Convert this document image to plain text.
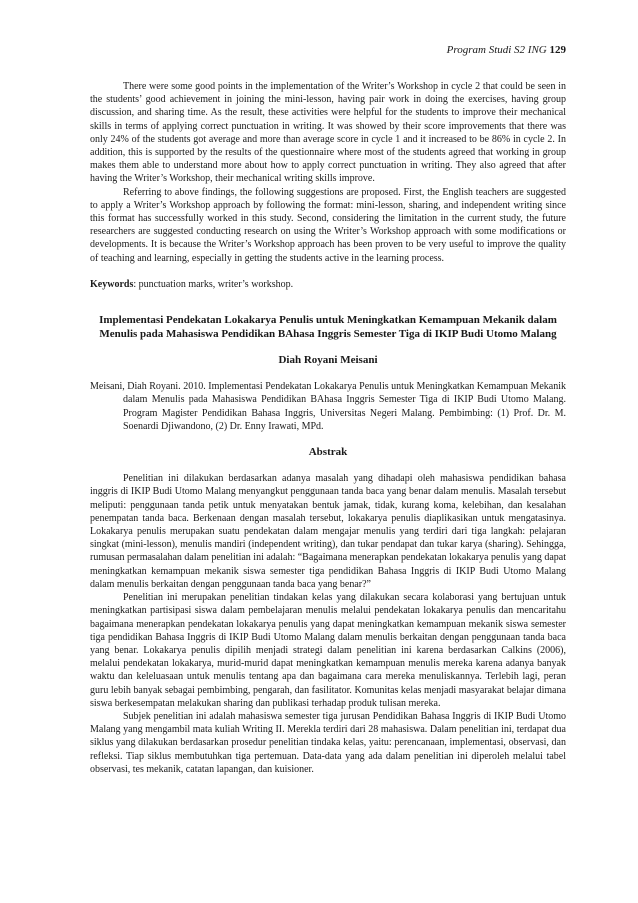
Program Studi S2 ING 129

There were some good points in the implementation of the Writer’s Workshop in cycle 2 that could be seen in the students’ good achievement in joining the mini-lesson, having pair work in doing the exercises, having group discussion, and sharing time. As the result, these activities were helpful for the students to improve their mechanical skills in terms of applying correct punctuation in writing. It was showed by their score improvements that there was only 24% of the students got average and more than average score in cycle 1 and it increased to be 86% in cycle 2. In addition, this is supported by the results of the questionnaire where most of the students agreed that working in group makes them able to understand more about how to apply correct punctuation in writing. They also agreed that after having the Writer’s Workshop, their mechanical writing skills improve.

Referring to above findings, the following suggestions are proposed. First, the English teachers are suggested to apply a Writer’s Workshop approach by following the format: mini-lesson, sharing, and independent writing since this format has successfully worked in this study. Second, considering the limitation in the current study, the future researchers are suggested conducting research on using the Writer’s Workshop approach with some modifications or developments. It is because the Writer’s Workshop approach has been proven to be very useful to improve the quality of teaching and learning, especially in getting the students active in the learning process.

Keywords: punctuation marks, writer’s workshop.

Implementasi Pendekatan Lokakarya Penulis untuk Meningkatkan Kemampuan Mekanik dalam Menulis pada Mahasiswa Pendidikan BAhasa Inggris Semester Tiga di IKIP Budi Utomo Malang

Diah Royani Meisani

Meisani, Diah Royani. 2010. Implementasi Pendekatan Lokakarya Penulis untuk Meningkatkan Kemampuan Mekanik dalam Menulis pada Mahasiswa Pendidikan BAhasa Inggris Semester Tiga di IKIP Budi Utomo Malang. Program Magister Pendidikan Bahasa Inggris, Universitas Negeri Malang. Pembimbing: (1) Prof. Dr. M. Soenardi Djiwandono, (2) Dr. Enny Irawati, MPd.

Abstrak

Penelitian ini dilakukan berdasarkan adanya masalah yang dihadapi oleh mahasiswa pendidikan bahasa inggris di IKIP Budi Utomo Malang menyangkut penggunaan tanda baca yang benar dalam menulis. Masalah tersebut meliputi: penggunaan tanda petik untuk menyatakan bentuk jamak, tidak, kurang koma, kelebihan, dan kesalahan penempatan tanda baca. Berkenaan dengan masalah tersebut, lokakarya penulis diaplikasikan untuk mengatasinya. Lokakarya penulis merupakan suatu pendekatan dalam mengajar menulis yang terdiri dari tiga langkah: pelajaran singkat (mini-lesson), menulis mandiri (independent writing), dan tukar pendapat dan tukar karya (sharing). Sehingga, rumusan permasalahan dalam penelitian ini adalah: “Bagaimana menerapkan pendekatan lokakarya penulis yang dapat meningkatkan kemampuan mekanik siswa semester tiga pendidikan Bahasa Inggris di IKIP Budi Utomo Malang dalam menulis berkaitan dengan penggunaan tanda baca yang benar?”

Penelitian ini merupakan penelitian tindakan kelas yang dilakukan secara kolaborasi yang bertujuan untuk meningkatkan partisipasi siswa dalam pembelajaran menulis melalui pendekatan lokakarya penulis dan mencaritahu bagaimana menerapkan pendekatan lokakarya penulis yang dapat meningkatkan kemampuan mekanik siswa semester tiga pendidikan Bahasa Inggris di IKIP Budi Utomo Malang dalam menulis berkaitan dengan penggunaan tanda baca yang benar. Lokakarya penulis dipilih menjadi strategi dalam penelitian ini karena berdasarkan Calkins (2006), melalui pendekatan lokakarya, murid-murid dapat meningkatkan kemampuan menulis mereka karena adanya banyak waktu dan keleluasaan untuk menulis tentang apa dan bagaimana cara mereka menuliskannya. Terlebih lagi, peran guru lebih banyak sebagai pembimbing, pengarah, dan fasilitator. Komunitas kelas menjadi masyarakat belajar dimana siswa berkesempatan melakukan sharing dan publikasi terhadap produk tulisan mereka.

Subjek penelitian ini adalah mahasiswa semester tiga jurusan Pendidikan Bahasa Inggris di IKIP Budi Utomo Malang yang mengambil mata kuliah Writing II. Merekla terdiri dari 28 mahasiswa. Dalam penelitian ini, terdapat dua siklus yang dilakukan berdasarkan prosedur penelitian tindaka kelas, yaitu: perencanaan, implementasi, observasi, dan refleksi. Tiap siklus membutuhkan tiga pertemuan. Data-data yang ada dalam penelitian ini diperoleh melalui tabel observasi, tes mekanik, catatan lapangan, dan kuisioner.
